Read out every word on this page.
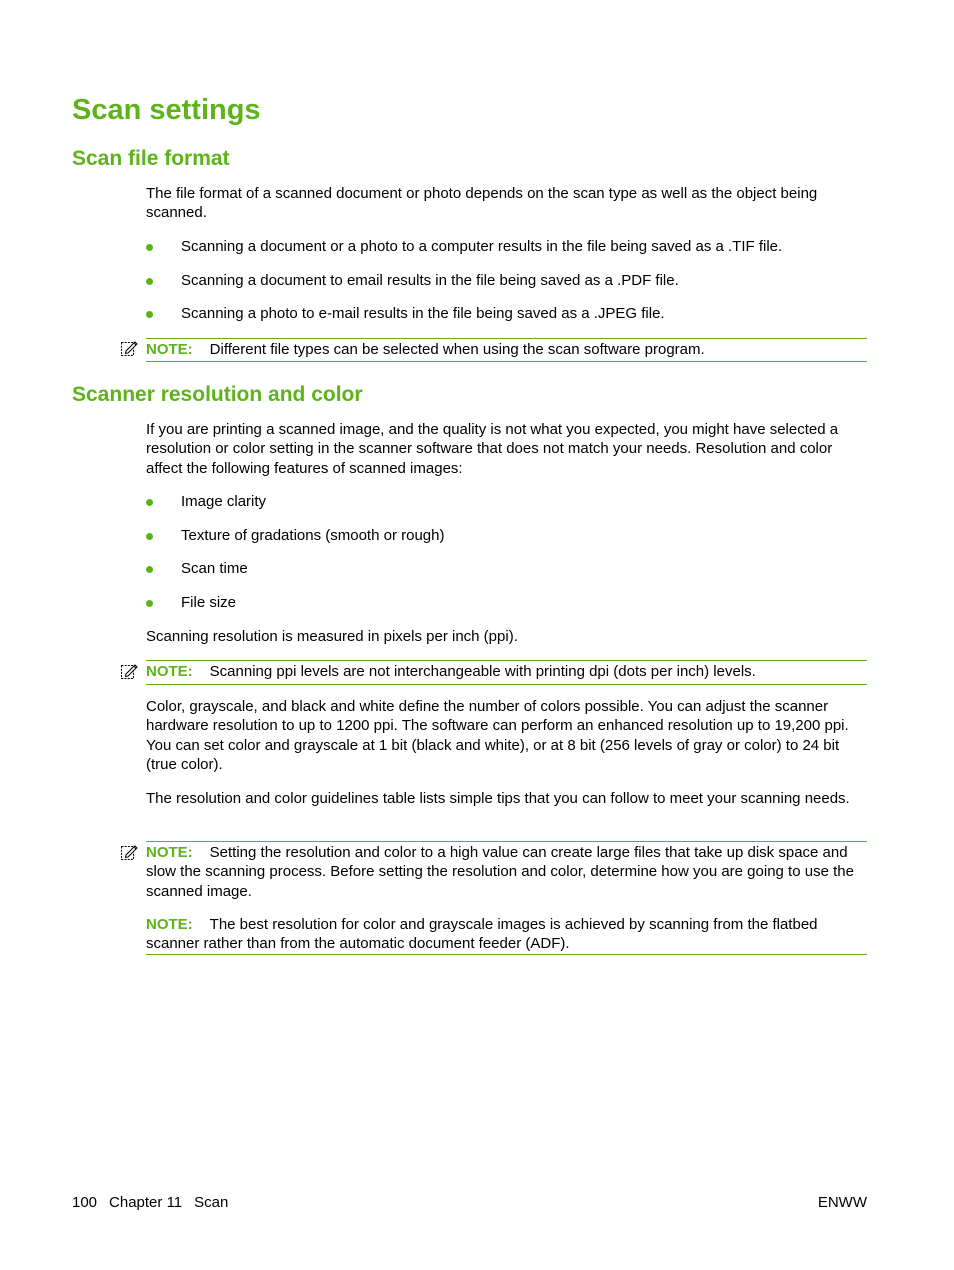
Scan settings
Scan file format

The file format of a scanned document or photo depends on the scan type as well as the object being scanned.

Scanning a document or a photo to a computer results in the file being saved as a .TIF file.
Scanning a document to email results in the file being saved as a .PDF file.
Scanning a photo to e-mail results in the file being saved as a .JPEG file.

NOTE: Different file types can be selected when using the scan software program.

Scanner resolution and color

If you are printing a scanned image, and the quality is not what you expected, you might have selected a resolution or color setting in the scanner software that does not match your needs. Resolution and color affect the following features of scanned images:

Image clarity
Texture of gradations (smooth or rough)
Scan time
File size

Scanning resolution is measured in pixels per inch (ppi).

NOTE: Scanning ppi levels are not interchangeable with printing dpi (dots per inch) levels.

Color, grayscale, and black and white define the number of colors possible. You can adjust the scanner hardware resolution to up to 1200 ppi. The software can perform an enhanced resolution up to 19,200 ppi. You can set color and grayscale at 1 bit (black and white), or at 8 bit (256 levels of gray or color) to 24 bit (true color).

The resolution and color guidelines table lists simple tips that you can follow to meet your scanning needs.

NOTE: Setting the resolution and color to a high value can create large files that take up disk space and slow the scanning process. Before setting the resolution and color, determine how you are going to use the scanned image.

NOTE: The best resolution for color and grayscale images is achieved by scanning from the flatbed scanner rather than from the automatic document feeder (ADF).

100 Chapter 11 Scan	ENWW
